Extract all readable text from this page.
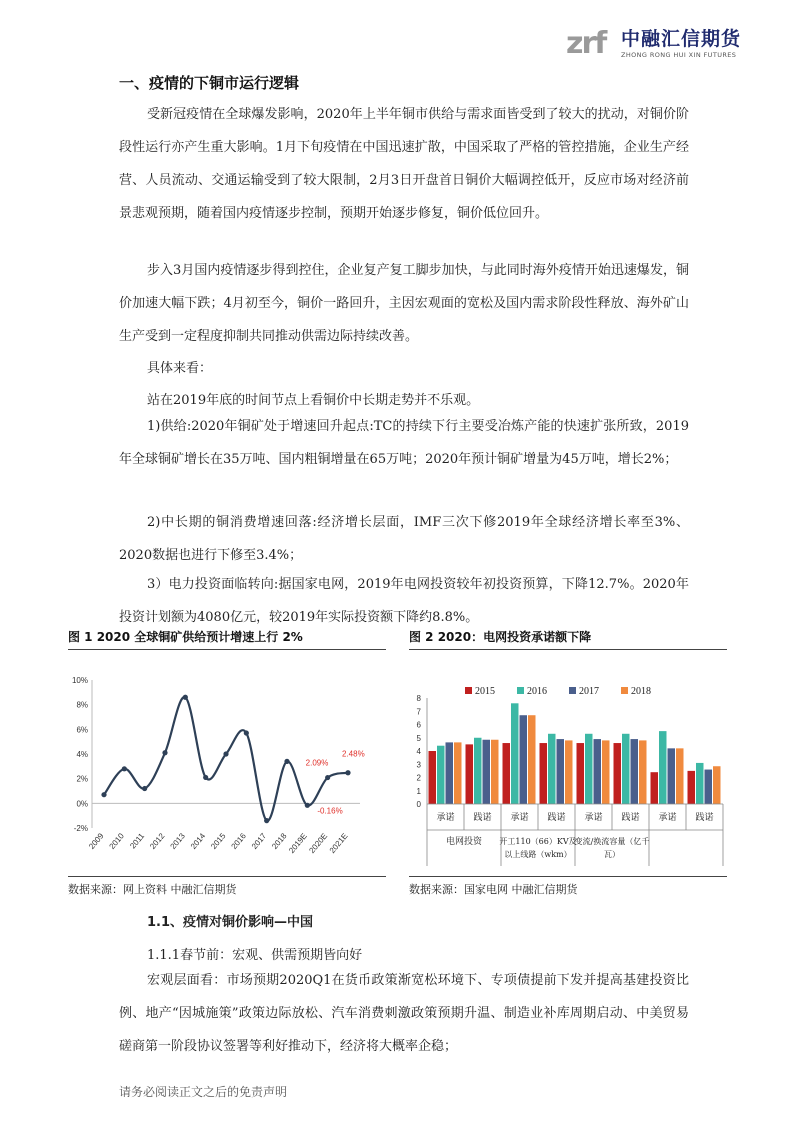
zrf 中融汇信期货
ZHONG RONG HUI XIN FUTURES
一、疫情的下铜市运行逻辑

受新冠疫情在全球爆发影响，2020年上半年铜市供给与需求面皆受到了较大的扰动，对铜价阶段性运行亦产生重大影响。1月下旬疫情在中国迅速扩散，中国采取了严格的管控措施，企业生产经营、人员流动、交通运输受到了较大限制，2月3日开盘首日铜价大幅调控低开，反应市场对经济前景悲观预期，随着国内疫情逐步控制，预期开始逐步修复，铜价低位回升。

步入3月国内疫情逐步得到控住，企业复产复工脚步加快，与此同时海外疫情开始迅速爆发，铜价加速大幅下跌；4月初至今，铜价一路回升，主因宏观面的宽松及国内需求阶段性释放、海外矿山生产受到一定程度抑制共同推动供需边际持续改善。

具体来看：
站在2019年底的时间节点上看铜价中长期走势并不乐观。

1)供给:2020年铜矿处于增速回升起点:TC的持续下行主要受冶炼产能的快速扩张所致，2019年全球铜矿增长在35万吨、国内粗铜增量在65万吨；2020年预计铜矿增量为45万吨，增长2%；

2)中长期的铜消费增速回落:经济增长层面，IMF三次下修2019年全球经济增长率至3%、2020数据也进行下修至3.4%；

3）电力投资面临转向:据国家电网，2019年电网投资较年初投资预算，下降12.7%。2020年投资计划额为4080亿元，较2019年实际投资额下降约8.8%。

图 1 2020 全球铜矿供给预计增速上行 2%	图 2 2020：电网投资承诺额下降
-2%
0%
2%
4%
6%
8%
10%
2009 2010 2011 2012 2013 2014 2015 2016 2017 2018
2019E
2020E
2021E
2.09%
2.48%
-0.16%
0
1
2
3
4
5
6
7
8
2015	2016	2017	2018
承诺 践诺 承诺 践诺 承诺 践诺 承诺 践诺
电网投资 开工110（66）KV及
以上线路（wkm）
变流/换流容量（亿千
瓦）
数据来源：网上资料 中融汇信期货	数据来源：国家电网 中融汇信期货
1.1、疫情对铜价影响—中国
1.1.1春节前：宏观、供需预期皆向好

宏观层面看：市场预期2020Q1在货币政策渐宽松环境下、专项债提前下发并提高基建投资比例、地产“因城施策”政策边际放松、汽车消费刺激政策预期升温、制造业补库周期启动、中美贸易磋商第一阶段协议签署等利好推动下，经济将大概率企稳；

请务必阅读正文之后的免责声明
